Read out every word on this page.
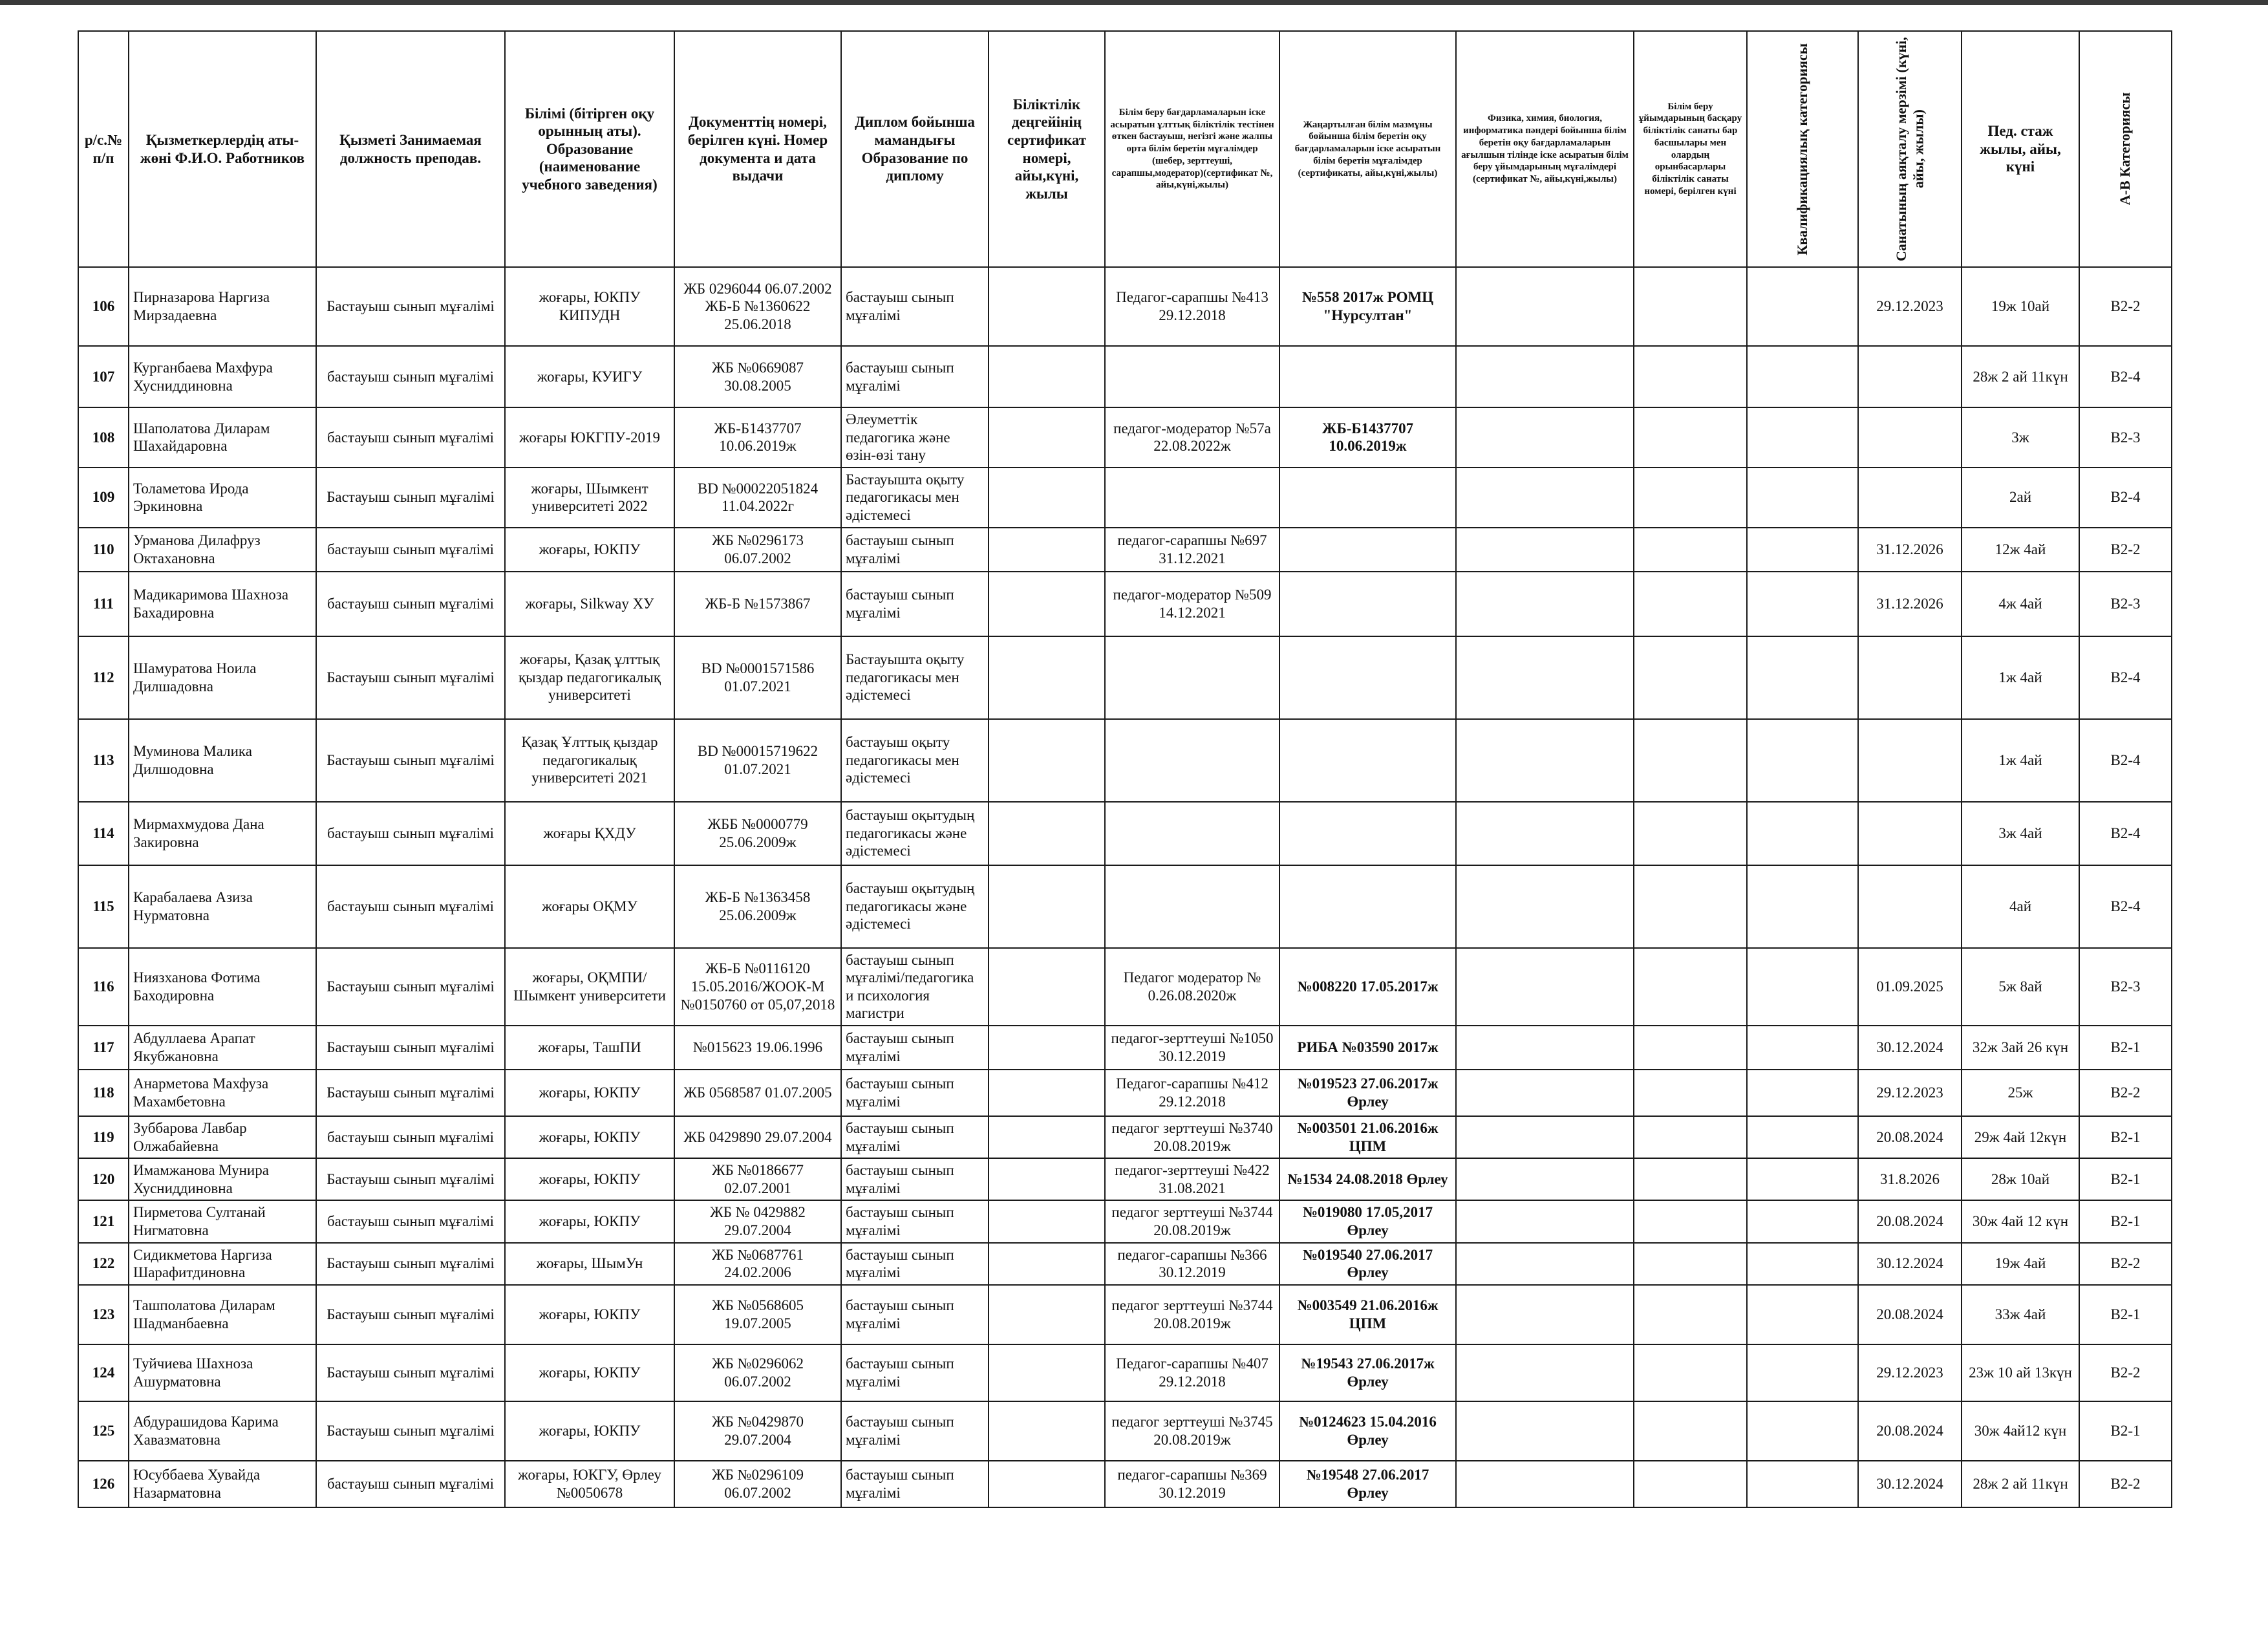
р/с.№ п/п	Қызметкерлердің аты-жөні Ф.И.О. Работников	Қызметі Занимаемая должность преподав.	Білімі (бітірген оқу орынның аты). Образование (наименование учебного заведения)	Документтің номері, берілген күні. Номер документа и дата выдачи	Диплом бойынша мамандығы Образование по диплому	Біліктілік деңгейінің сертификат номері, айы,күні, жылы	Білім беру бағдарламаларын іске асыратын ұлттық біліктілік тестінен өткен бастауыш, негізгі және жалпы орта білім беретін мұғалімдер (шебер, зерттеуші, сарапшы,модератор)(сертификат №, айы,күні,жылы)	Жаңартылған білім мазмұны бойынша білім беретін оқу бағдарламаларын іске асыратын білім беретін мұғалімдер (сертификаты, айы,күні,жылы)	Физика, химия, биология, информатика пәндері бойынша білім беретін оқу бағдарламаларын ағылшын тілінде іске асыратын білім беру ұйымдарының мұғалімдері (сертификат №, айы,күні,жылы)	Білім беру ұйымдарының басқару біліктілік санаты бар басшылары мен олардың орынбасарлары біліктілік санаты номері, берілген күні	Квалификациялық категориясы	Санатының аяқталу мерзімі (күні, айы, жылы)	Пед. стаж жылы, айы, күні	А-В Категориясы

106	Пирназарова Наргиза Мирзадаевна	Бастауыш сынып мұғалімі	жоғары, ЮКПУ КИПУДН	ЖБ 0296044 06.07.2002 ЖБ-Б №1360622 25.06.2018	бастауыш сынып мұғалімі		Педагог-сарапшы №413 29.12.2018	№558 2017ж РОМЦ "Нурсултан"				29.12.2023	19ж 10ай	B2-2
107	Курганбаева Махфура Хусниддиновна	бастауыш сынып мұғалімі	жоғары, КУИГУ	ЖБ №0669087 30.08.2005	бастауыш сынып мұғалімі								28ж 2 ай 11күн	B2-4
108	Шаполатова Диларам Шахайдаровна	бастауыш сынып мұғалімі	жоғары ЮКГПУ-2019	ЖБ-Б1437707 10.06.2019ж	Әлеуметтік педагогика және өзін-өзі тану		педагог-модератор №57а 22.08.2022ж	ЖБ-Б1437707 10.06.2019ж					3ж	B2-3
109	Толаметова Ирода Эркиновна	Бастауыш сынып мұғалімі	жоғары, Шымкент университеті 2022	BD №00022051824 11.04.2022г	Бастауышта оқыту педагогикасы мен әдістемесі								2ай	B2-4
110	Урманова Дилафруз Октахановна	бастауыш сынып мұғалімі	жоғары, ЮКПУ	ЖБ №0296173 06.07.2002	бастауыш сынып мұғалімі		педагог-сарапшы №697 31.12.2021					31.12.2026	12ж 4ай	B2-2
111	Мадикаримова Шахноза Бахадировна	бастауыш сынып мұғалімі	жоғары, Silkway ХУ	ЖБ-Б №1573867	бастауыш сынып мұғалімі		педагог-модератор №509 14.12.2021					31.12.2026	4ж 4ай	B2-3
112	Шамуратова Ноила Дилшадовна	Бастауыш сынып мұғалімі	жоғары, Қазақ ұлттық қыздар педагогикалық университеті	BD №0001571586 01.07.2021	Бастауышта оқыту педагогикасы мен әдістемесі								1ж 4ай	B2-4
113	Муминова Малика Дилшодовна	Бастауыш сынып мұғалімі	Қазақ Ұлттық қыздар педагогикалық университеті 2021	BD №00015719622 01.07.2021	бастауыш оқыту педагогикасы мен әдістемесі								1ж 4ай	B2-4
114	Мирмахмудова Дана Закировна	бастауыш сынып мұғалімі	жоғары ҚХДУ	ЖББ №0000779 25.06.2009ж	бастауыш оқытудың педагогикасы және әдістемесі								3ж 4ай	B2-4
115	Карабалаева Азиза Нурматовна	бастауыш сынып мұғалімі	жоғары ОҚМУ	ЖБ-Б №1363458 25.06.2009ж	бастауыш оқытудың педагогикасы және әдістемесі								4ай	B2-4
116	Ниязханова Фотима Баходировна	Бастауыш сынып мұғалімі	жоғары, ОҚМПИ/ Шымкент университети	ЖБ-Б №0116120 15.05.2016/ЖООК-М №0150760 от 05,07,2018	бастауыш сынып мұғалімі/педагогика и психология магистри		Педагог модератор № 0.26.08.2020ж	№008220 17.05.2017ж				01.09.2025	5ж 8ай	B2-3
117	Абдуллаева Арапат Якубжановна	Бастауыш сынып мұғалімі	жоғары, ТашПИ	№015623 19.06.1996	бастауыш сынып мұғалімі		педагог-зерттеуші №1050 30.12.2019	РИБА №03590 2017ж				30.12.2024	32ж 3ай 26 күн	B2-1
118	Анарметова Махфуза Махамбетовна	Бастауыш сынып мұғалімі	жоғары, ЮКПУ	ЖБ 0568587 01.07.2005	бастауыш сынып мұғалімі		Педагог-сарапшы №412 29.12.2018	№019523 27.06.2017ж Өрлеу				29.12.2023	25ж	B2-2
119	Зуббарова Лавбар Олжабайевна	бастауыш сынып мұғалімі	жоғары, ЮКПУ	ЖБ 0429890 29.07.2004	бастауыш сынып мұғалімі		педагог зерттеуші №3740 20.08.2019ж	№003501 21.06.2016ж ЦПМ				20.08.2024	29ж 4ай 12күн	B2-1
120	Имамжанова Мунира Хусниддиновна	Бастауыш сынып мұғалімі	жоғары, ЮКПУ	ЖБ №0186677 02.07.2001	бастауыш сынып мұғалімі		педагог-зерттеуші №422 31.08.2021	№1534 24.08.2018 Өрлеу				31.8.2026	28ж 10ай	B2-1
121	Пирметова Султанай Нигматовна	бастауыш сынып мұғалімі	жоғары, ЮКПУ	ЖБ № 0429882 29.07.2004	бастауыш сынып мұғалімі		педагог зерттеуші №3744 20.08.2019ж	№019080 17.05,2017 Өрлеу				20.08.2024	30ж 4ай 12 күн	B2-1
122	Сидикметова Наргиза Шарафитдиновна	Бастауыш сынып мұғалімі	жоғары, ШымУн	ЖБ №0687761 24.02.2006	бастауыш сынып мұғалімі		педагог-сарапшы №366 30.12.2019	№019540 27.06.2017 Өрлеу				30.12.2024	19ж 4ай	B2-2
123	Ташполатова Диларам Шадманбаевна	Бастауыш сынып мұғалімі	жоғары, ЮКПУ	ЖБ №0568605 19.07.2005	бастауыш сынып мұғалімі		педагог зерттеуші №3744 20.08.2019ж	№003549 21.06.2016ж ЦПМ				20.08.2024	33ж 4ай	B2-1
124	Туйчиева Шахноза Ашурматовна	Бастауыш сынып мұғалімі	жоғары, ЮКПУ	ЖБ №0296062 06.07.2002	бастауыш сынып мұғалімі		Педагог-сарапшы №407 29.12.2018	№19543 27.06.2017ж Өрлеу				29.12.2023	23ж 10 ай 13күн	B2-2
125	Абдурашидова Карима Хавазматовна	Бастауыш сынып мұғалімі	жоғары, ЮКПУ	ЖБ №0429870 29.07.2004	бастауыш сынып мұғалімі		педагог зерттеуші №3745 20.08.2019ж	№0124623 15.04.2016 Өрлеу				20.08.2024	30ж 4ай12 күн	B2-1
126	Юсуббаева Хувайда Назарматовна	бастауыш сынып мұғалімі	жоғары, ЮКГУ, Өрлеу №0050678	ЖБ №0296109 06.07.2002	бастауыш сынып мұғалімі		педагог-сарапшы №369 30.12.2019	№19548 27.06.2017 Өрлеу				30.12.2024	28ж 2 ай 11күн	B2-2
